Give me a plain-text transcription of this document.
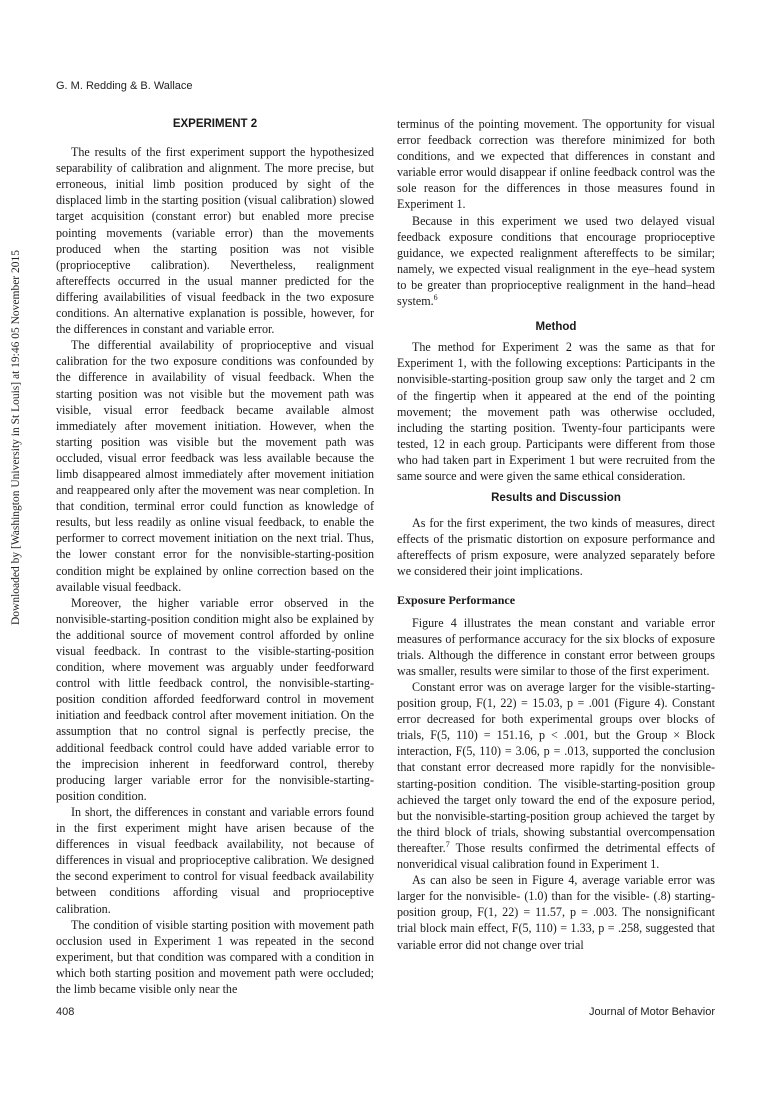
Downloaded by [Washington University in St Louis] at 19:46 05 November 2015
G. M. Redding & B. Wallace
EXPERIMENT 2

The results of the first experiment support the hypothesized separability of calibration and alignment. The more precise, but erroneous, initial limb position produced by sight of the displaced limb in the starting position (visual calibration) slowed target acquisition (constant error) but enabled more precise pointing movements (variable error) than the movements produced when the starting position was not visible (proprioceptive calibration). Nevertheless, realignment aftereffects occurred in the usual manner predicted for the differing availabilities of visual feedback in the two exposure conditions. An alternative explanation is possible, however, for the differences in constant and variable error.

The differential availability of proprioceptive and visual calibration for the two exposure conditions was confounded by the difference in availability of visual feedback. When the starting position was not visible but the movement path was visible, visual error feedback became available almost immediately after movement initiation. However, when the starting position was visible but the movement path was occluded, visual error feedback was less available because the limb disappeared almost immediately after movement initiation and reappeared only after the movement was near completion. In that condition, terminal error could function as knowledge of results, but less readily as online visual feedback, to enable the performer to correct movement initiation on the next trial. Thus, the lower constant error for the nonvisible-starting-position condition might be explained by online correction based on the available visual feedback.

Moreover, the higher variable error observed in the nonvisible-starting-position condition might also be explained by the additional source of movement control afforded by online visual feedback. In contrast to the visible-starting-position condition, where movement was arguably under feedforward control with little feedback control, the nonvisible-starting-position condition afforded feedforward control in movement initiation and feedback control after movement initiation. On the assumption that no control signal is perfectly precise, the additional feedback control could have added variable error to the imprecision inherent in feedforward control, thereby producing larger variable error for the nonvisible-starting-position condition.

In short, the differences in constant and variable errors found in the first experiment might have arisen because of the differences in visual feedback availability, not because of differences in visual and proprioceptive calibration. We designed the second experiment to control for visual feedback availability between conditions affording visual and proprioceptive calibration.

The condition of visible starting position with movement path occlusion used in Experiment 1 was repeated in the second experiment, but that condition was compared with a condition in which both starting position and movement path were occluded; the limb became visible only near the

terminus of the pointing movement. The opportunity for visual error feedback correction was therefore minimized for both conditions, and we expected that differences in constant and variable error would disappear if online feedback control was the sole reason for the differences in those measures found in Experiment 1.

Because in this experiment we used two delayed visual feedback exposure conditions that encourage proprioceptive guidance, we expected realignment aftereffects to be similar; namely, we expected visual realignment in the eye–head system to be greater than proprioceptive realignment in the hand–head system.$^6$

Method

The method for Experiment 2 was the same as that for Experiment 1, with the following exceptions: Participants in the nonvisible-starting-position group saw only the target and 2 cm of the fingertip when it appeared at the end of the pointing movement; the movement path was otherwise occluded, including the starting position. Twenty-four participants were tested, 12 in each group. Participants were different from those who had taken part in Experiment 1 but were recruited from the same source and were given the same ethical consideration.

Results and Discussion

As for the first experiment, the two kinds of measures, direct effects of the prismatic distortion on exposure performance and aftereffects of prism exposure, were analyzed separately before we considered their joint implications.

Exposure Performance

Figure 4 illustrates the mean constant and variable error measures of performance accuracy for the six blocks of exposure trials. Although the difference in constant error between groups was smaller, results were similar to those of the first experiment.

Constant error was on average larger for the visible-starting-position group, F(1, 22) = 15.03, p = .001 (Figure 4). Constant error decreased for both experimental groups over blocks of trials, F(5, 110) = 151.16, p < .001, but the Group × Block interaction, F(5, 110) = 3.06, p = .013, supported the conclusion that constant error decreased more rapidly for the nonvisible-starting-position condition. The visible-starting-position group achieved the target only toward the end of the exposure period, but the nonvisible-starting-position group achieved the target by the third block of trials, showing substantial overcompensation thereafter.$^7$ Those results confirmed the detrimental effects of nonveridical visual calibration found in Experiment 1.

As can also be seen in Figure 4, average variable error was larger for the nonvisible- (1.0) than for the visible- (.8) starting-position group, F(1, 22) = 11.57, p = .003. The nonsignificant trial block main effect, F(5, 110) = 1.33, p = .258, suggested that variable error did not change over trial

408	Journal of Motor Behavior
